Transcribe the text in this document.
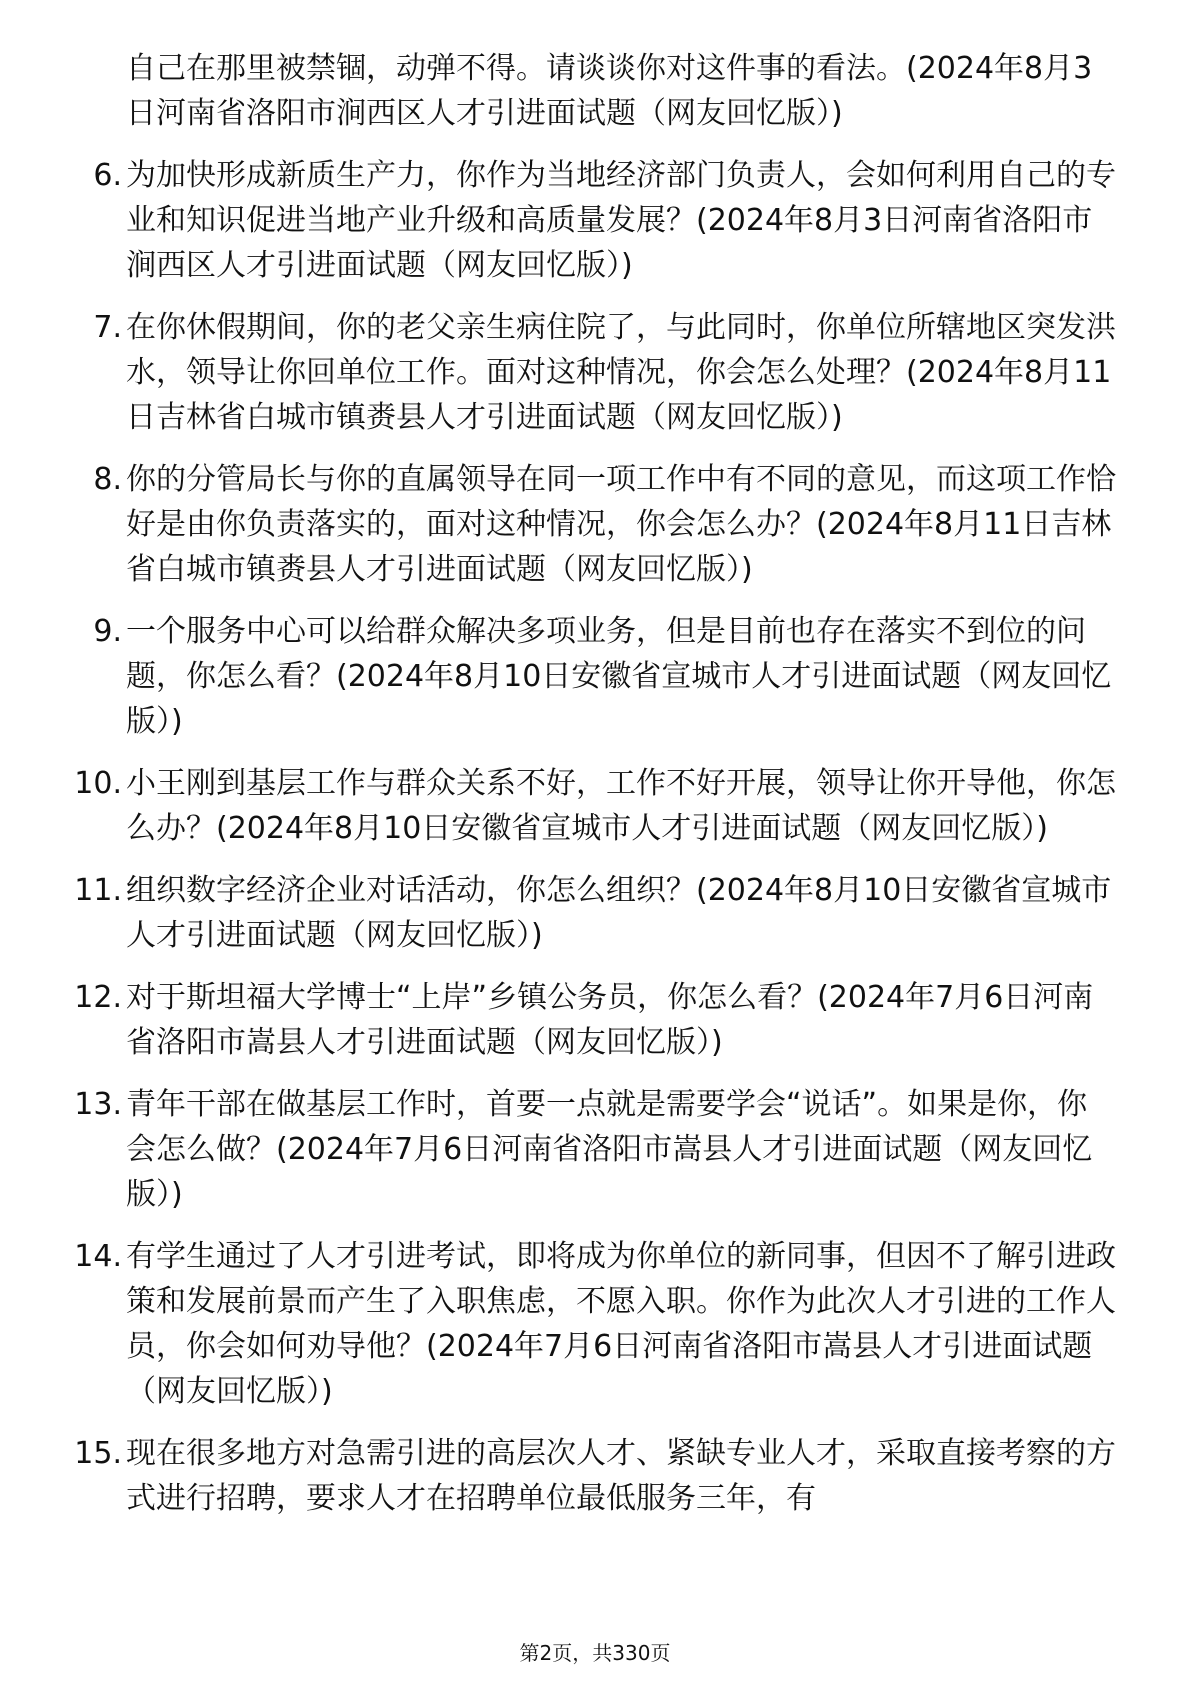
自己在那里被禁锢，动弹不得。请谈谈你对这件事的看法。(2024年8月3日河南省洛阳市涧西区人才引进面试题（网友回忆版）)
6. 为加快形成新质生产力，你作为当地经济部门负责人，会如何利用自己的专业和知识促进当地产业升级和高质量发展？(2024年8月3日河南省洛阳市涧西区人才引进面试题（网友回忆版）)
7. 在你休假期间，你的老父亲生病住院了，与此同时，你单位所辖地区突发洪水，领导让你回单位工作。面对这种情况，你会怎么处理？(2024年8月11日吉林省白城市镇赉县人才引进面试题（网友回忆版）)
8. 你的分管局长与你的直属领导在同一项工作中有不同的意见，而这项工作恰好是由你负责落实的，面对这种情况，你会怎么办？(2024年8月11日吉林省白城市镇赉县人才引进面试题（网友回忆版）)
9. 一个服务中心可以给群众解决多项业务，但是目前也存在落实不到位的问题，你怎么看？(2024年8月10日安徽省宣城市人才引进面试题（网友回忆版）)
10. 小王刚到基层工作与群众关系不好，工作不好开展，领导让你开导他，你怎么办？(2024年8月10日安徽省宣城市人才引进面试题（网友回忆版）)
11. 组织数字经济企业对话活动，你怎么组织？(2024年8月10日安徽省宣城市人才引进面试题（网友回忆版）)
12. 对于斯坦福大学博士“上岸”乡镇公务员，你怎么看？(2024年7月6日河南省洛阳市嵩县人才引进面试题（网友回忆版）)
13. 青年干部在做基层工作时，首要一点就是需要学会“说话”。如果是你，你会怎么做？(2024年7月6日河南省洛阳市嵩县人才引进面试题（网友回忆版）)
14. 有学生通过了人才引进考试，即将成为你单位的新同事，但因不了解引进政策和发展前景而产生了入职焦虑，不愿入职。你作为此次人才引进的工作人员，你会如何劝导他？(2024年7月6日河南省洛阳市嵩县人才引进面试题（网友回忆版）)
15. 现在很多地方对急需引进的高层次人才、紧缺专业人才，采取直接考察的方式进行招聘，要求人才在招聘单位最低服务三年，有
第2页，共330页
